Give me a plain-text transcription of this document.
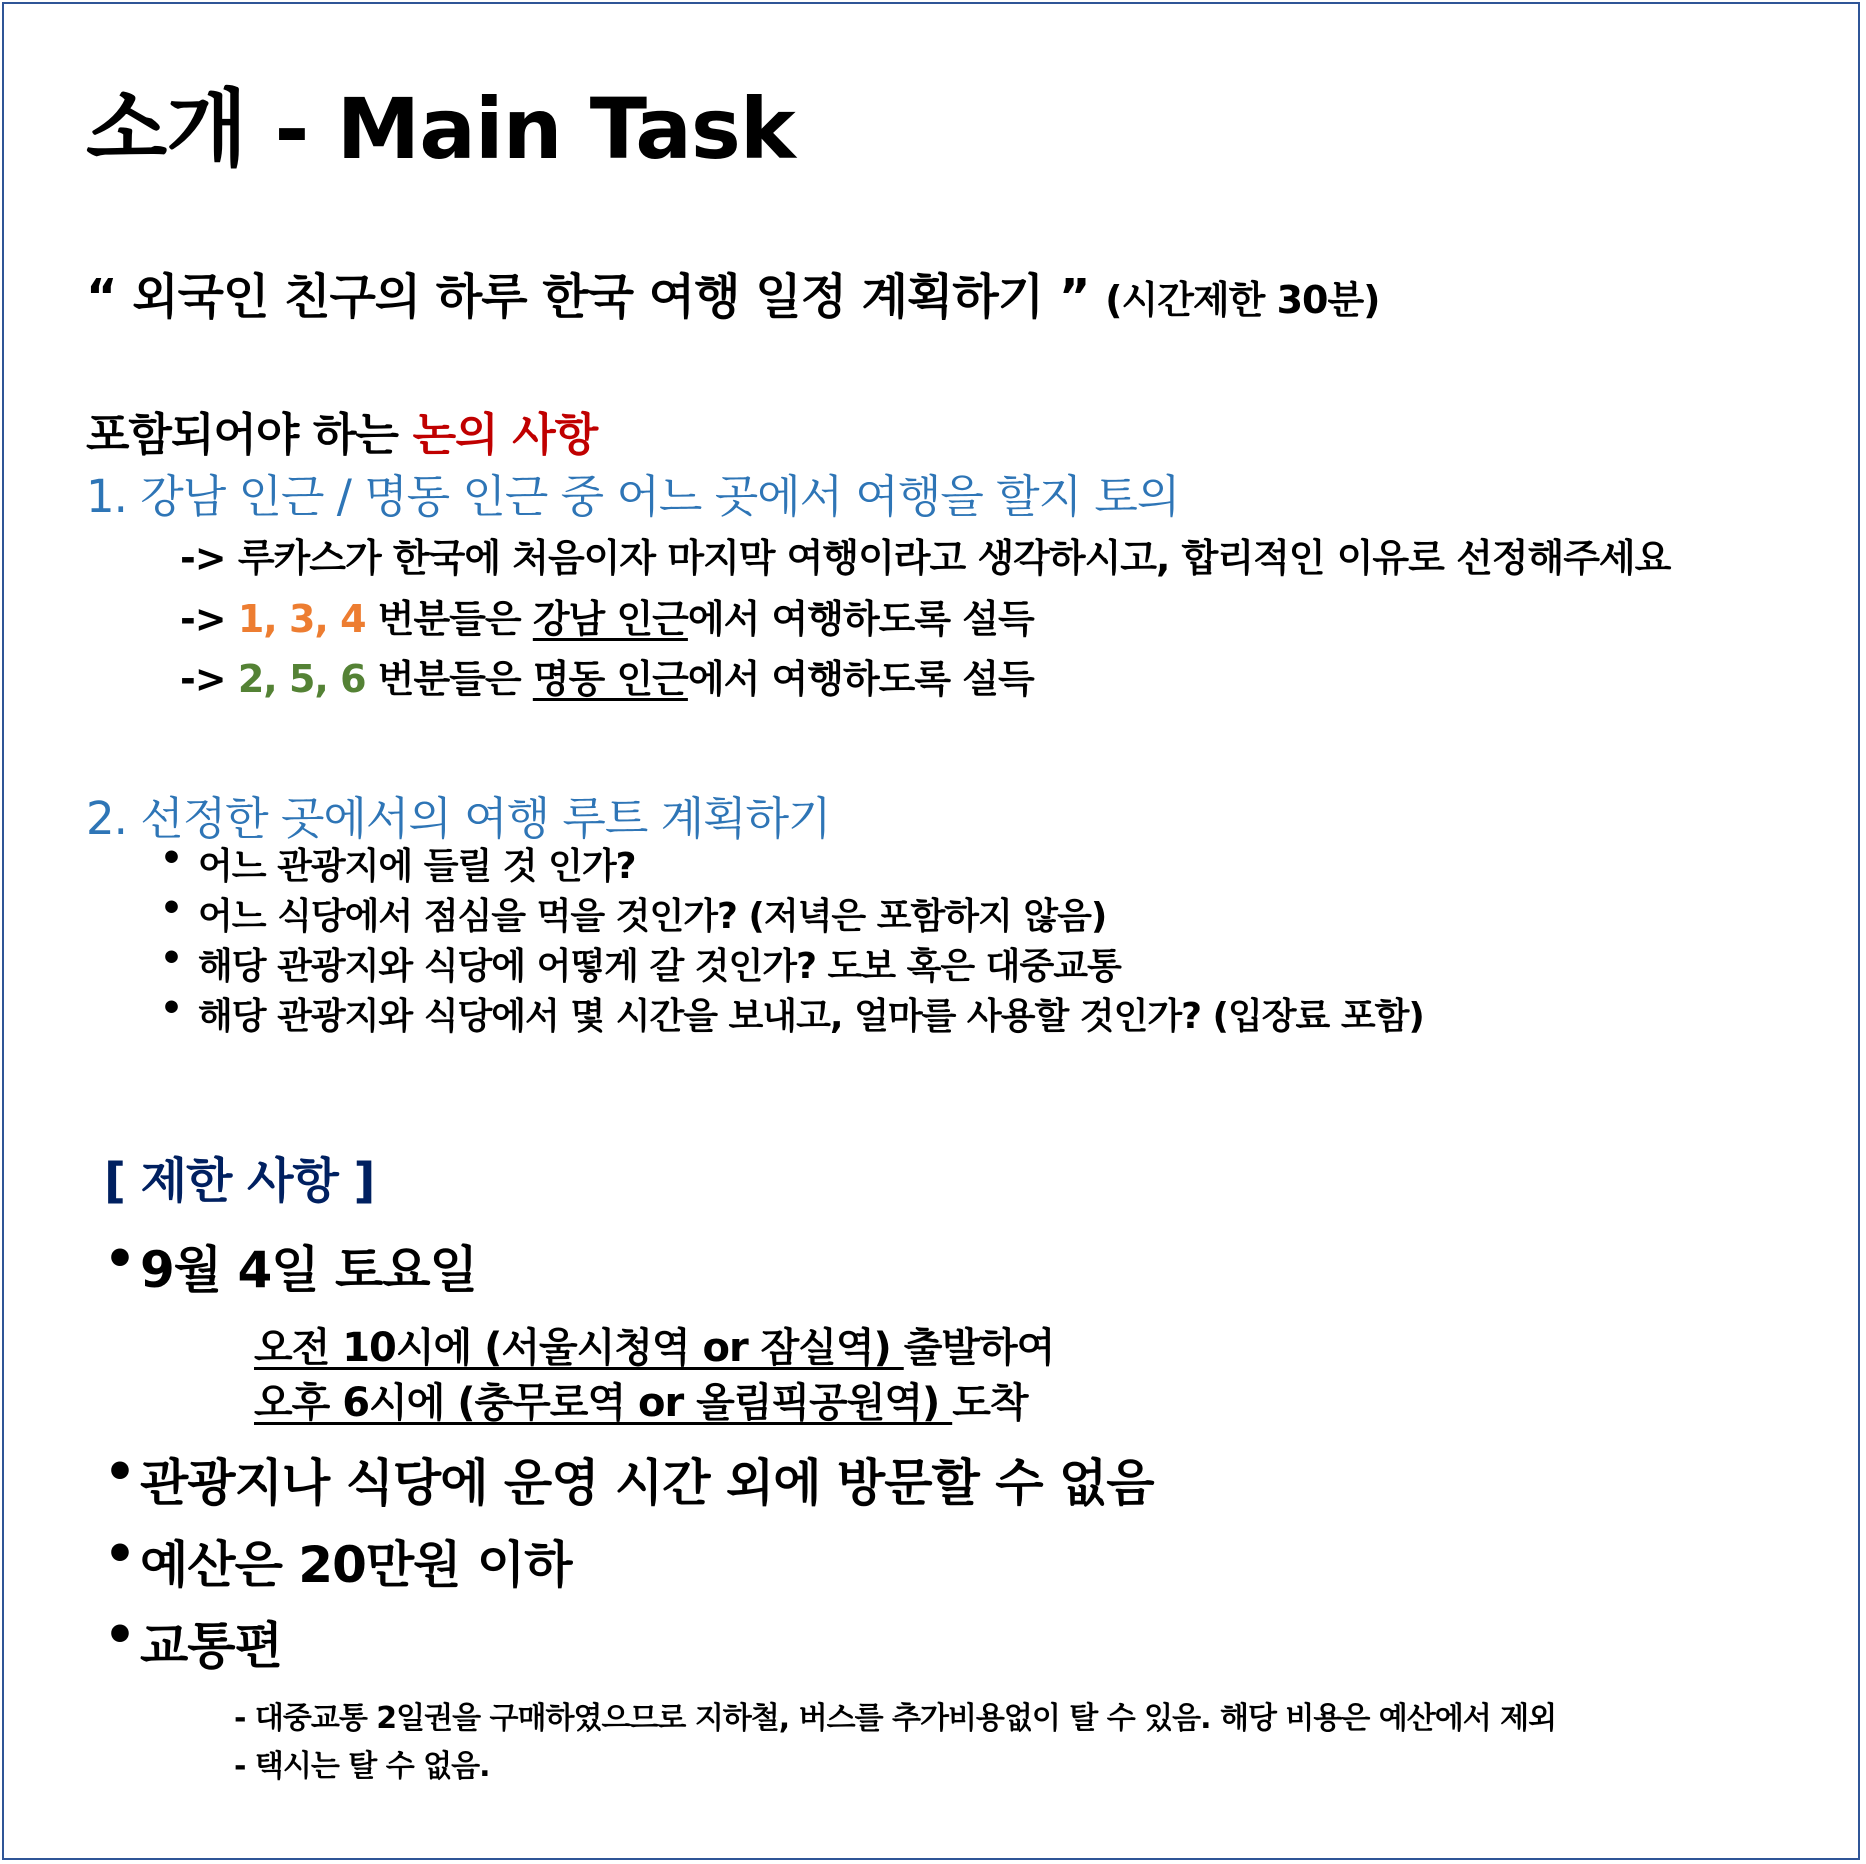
소개 - Main Task
“ 외국인 친구의 하루 한국 여행 일정 계획하기 ” (시간제한 30분)
포함되어야 하는 논의 사항
1. 강남 인근 / 명동 인근 중 어느 곳에서 여행을 할지 토의
-> 루카스가 한국에 처음이자 마지막 여행이라고 생각하시고, 합리적인 이유로 선정해주세요
-> 1, 3, 4 번분들은 강남 인근에서 여행하도록 설득
-> 2, 5, 6 번분들은 명동 인근에서 여행하도록 설득
2. 선정한 곳에서의 여행 루트 계획하기
• 어느 관광지에 들릴 것 인가?
• 어느 식당에서 점심을 먹을 것인가? (저녁은 포함하지 않음)
• 해당 관광지와 식당에 어떻게 갈 것인가? 도보 혹은 대중교통
• 해당 관광지와 식당에서 몇 시간을 보내고, 얼마를 사용할 것인가? (입장료 포함)
[ 제한 사항 ]
• 9월 4일 토요일
오전 10시에 (서울시청역 or 잠실역) 출발하여
오후 6시에 (충무로역 or 올림픽공원역) 도착
• 관광지나 식당에 운영 시간 외에 방문할 수 없음
• 예산은 20만원 이하
• 교통편
- 대중교통 2일권을 구매하였으므로 지하철, 버스를 추가비용없이 탈 수 있음. 해당 비용은 예산에서 제외
- 택시는 탈 수 없음.
